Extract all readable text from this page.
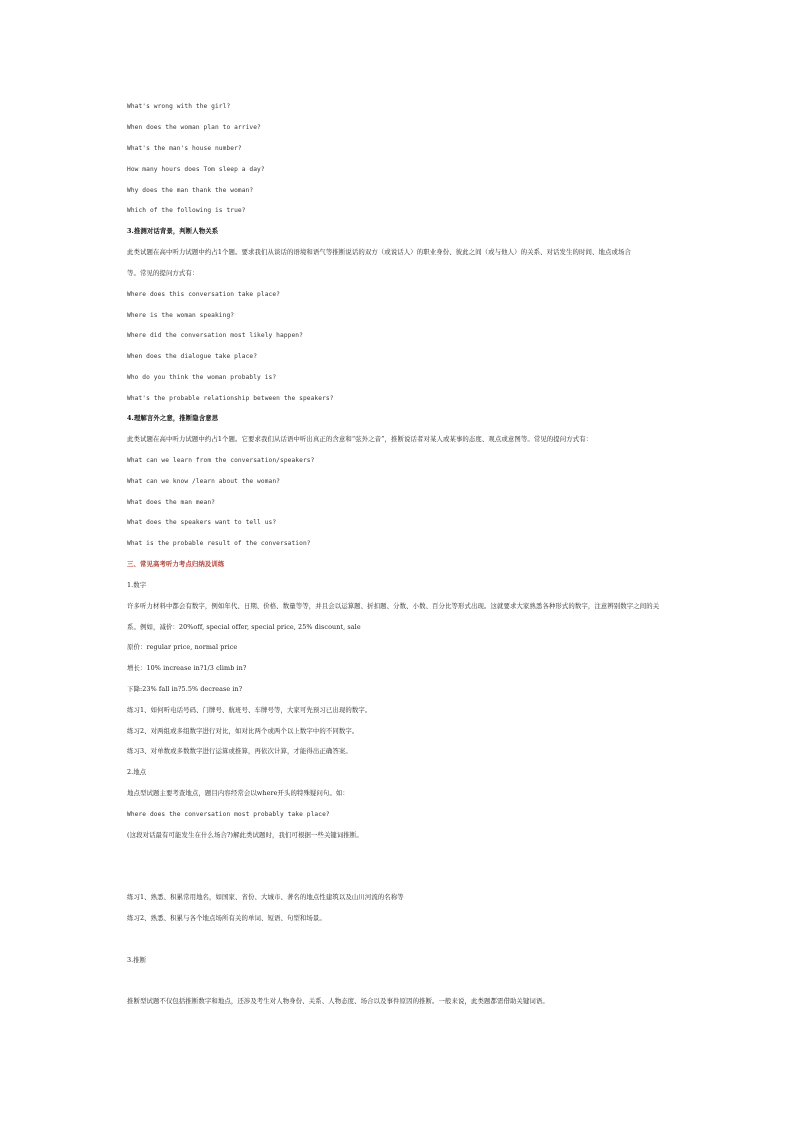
What's wrong with the girl?
When does the woman plan to arrive?
What's the man's house number?
How many hours does Tom sleep a day?
Why does the man thank the woman?
Which of the following is true?
3.推测对话背景，判断人物关系
此类试题在高中听力试题中约占1个题。要求我们从谈话的语境和语气等推断说话的双方（或说话人）的职业身份、彼此之间（或与他人）的关系、对话发生的时间、地点或场合
等。常见的提问方式有：
Where does this conversation take place?
Where is the woman speaking?
Where did the conversation most likely happen?
When does the dialogue take place?
Who do you think the woman probably is?
What's the probable relationship between the speakers?
4.理解言外之意，推断隐含意思
此类试题在高中听力试题中约占1个题。它要求我们从话语中听出真正的含意和“弦外之音”，推断说话者对某人或某事的态度、观点或意图等。常见的提问方式有：
What can we learn from the conversation/speakers?
What can we know /learn about the woman?
What does the man mean?
What does the speakers want to tell us?
What is the probable result of the conversation?
三、常见高考听力考点归纳及训练
1.数字
许多听力材料中都会有数字，例如年代、日期、价格、数量等等，并且会以运算题、折扣题、分数、小数、百分比等形式出现。这就要求大家熟悉各种形式的数字，注意辨别数字之间的关
系。例如，减价：20%off, special offer, special price, 25% discount, sale
原价：regular price, normal price
增长：10% increase in?1/3 climb in?
下降:23% fall in?5.5% decrease in?
练习1、如何听电话号码、门牌号、航班号、车牌号等，大家可先预习已出现的数字。
练习2、对两组或多组数字进行对比，如对比两个或两个以上数字中的不同数字。
练习3、对单数或多数数字进行运算或推算，再依次计算，才能得出正确答案。
2.地点
地点型试题主要考查地点，题目内容经常会以where开头的特殊疑问句。如：
Where does the conversation most probably take place?
(这段对话最有可能发生在什么场合?)解此类试题时，我们可根据一些关键词推断。
练习1、熟悉、积累常用地名，如国家、省份、大城市、著名的地点性建筑以及山川河流的名称等
练习2、熟悉、积累与各个地点场所有关的单词、短语、句型和场景。
3.推断
推断型试题不仅包括推断数字和地点，还涉及考生对人物身份、关系、人物态度、场合以及事件原因的推断。一般来说，此类题都需借助关键词语。
